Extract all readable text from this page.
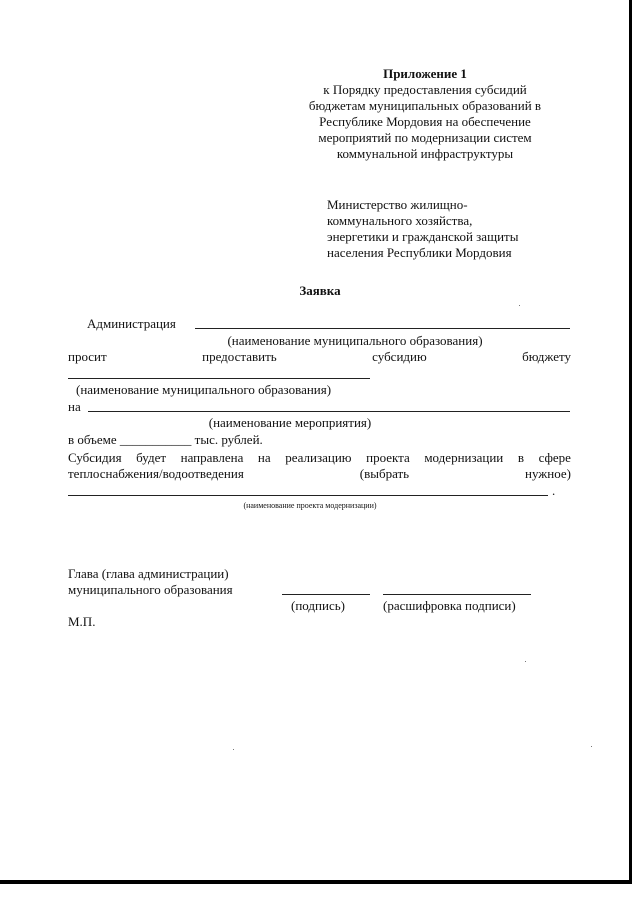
Приложение 1
к Порядку предоставления субсидий
бюджетам муниципальных образований в
Республике Мордовия на обеспечение
мероприятий по модернизации систем
коммунальной инфраструктуры
Министерство жилищно-
коммунального хозяйства,
энергетики и гражданской защиты
населения Республики Мордовия
Заявка
Администрация
(наименование муниципального образования)
просит	предоставить	субсидию	бюджету
(наименование муниципального образования)
на
(наименование мероприятия)
в объеме ___________ тыс. рублей.
Субсидия будет направлена на реализацию проекта модернизации в сфере
теплоснабжения/водоотведения	(выбрать	нужное)
.
(наименование проекта модернизации)
Глава (глава администрации)
муниципального образования
(подпись)	(расшифровка подписи)
М.П.
